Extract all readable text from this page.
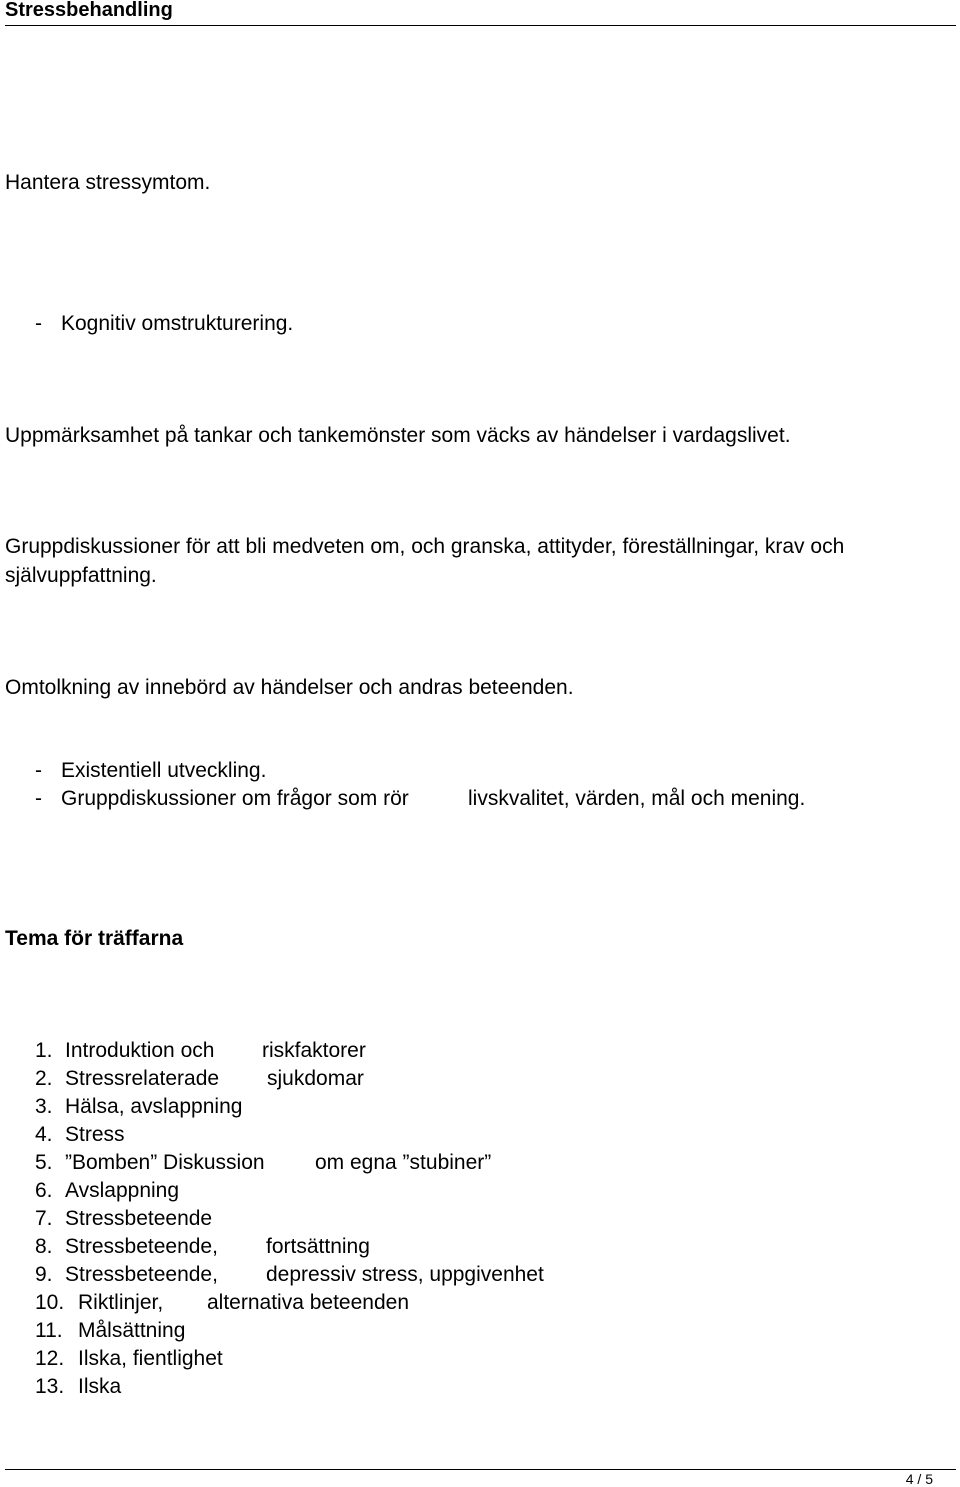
Stressbehandling

Hantera stressymtom.

- Kognitiv omstrukturering.

Uppmärksamhet på tankar och tankemönster som väcks av händelser i vardagslivet.

Gruppdiskussioner för att bli medveten om, och granska, attityder, föreställningar, krav och

självuppfattning.

Omtolkning av innebörd av händelser och andras beteenden.

- Existentiell utveckling.
- Gruppdiskussioner om frågor som rör	livskvalitet, värden, mål och mening.
Tema för träffarna
1. Introduktion och riskfaktorer
2. Stressrelaterade sjukdomar
3. Hälsa, avslappning
4. Stress
5. ”Bomben” Diskussion om egna ”stubiner”
6. Avslappning
7. Stressbeteende
8. Stressbeteende, fortsättning
9. Stressbeteende, depressiv stress, uppgivenhet
10. Riktlinjer, alternativa beteenden
11. Målsättning
12. Ilska, fientlighet
13. Ilska
4 / 5
